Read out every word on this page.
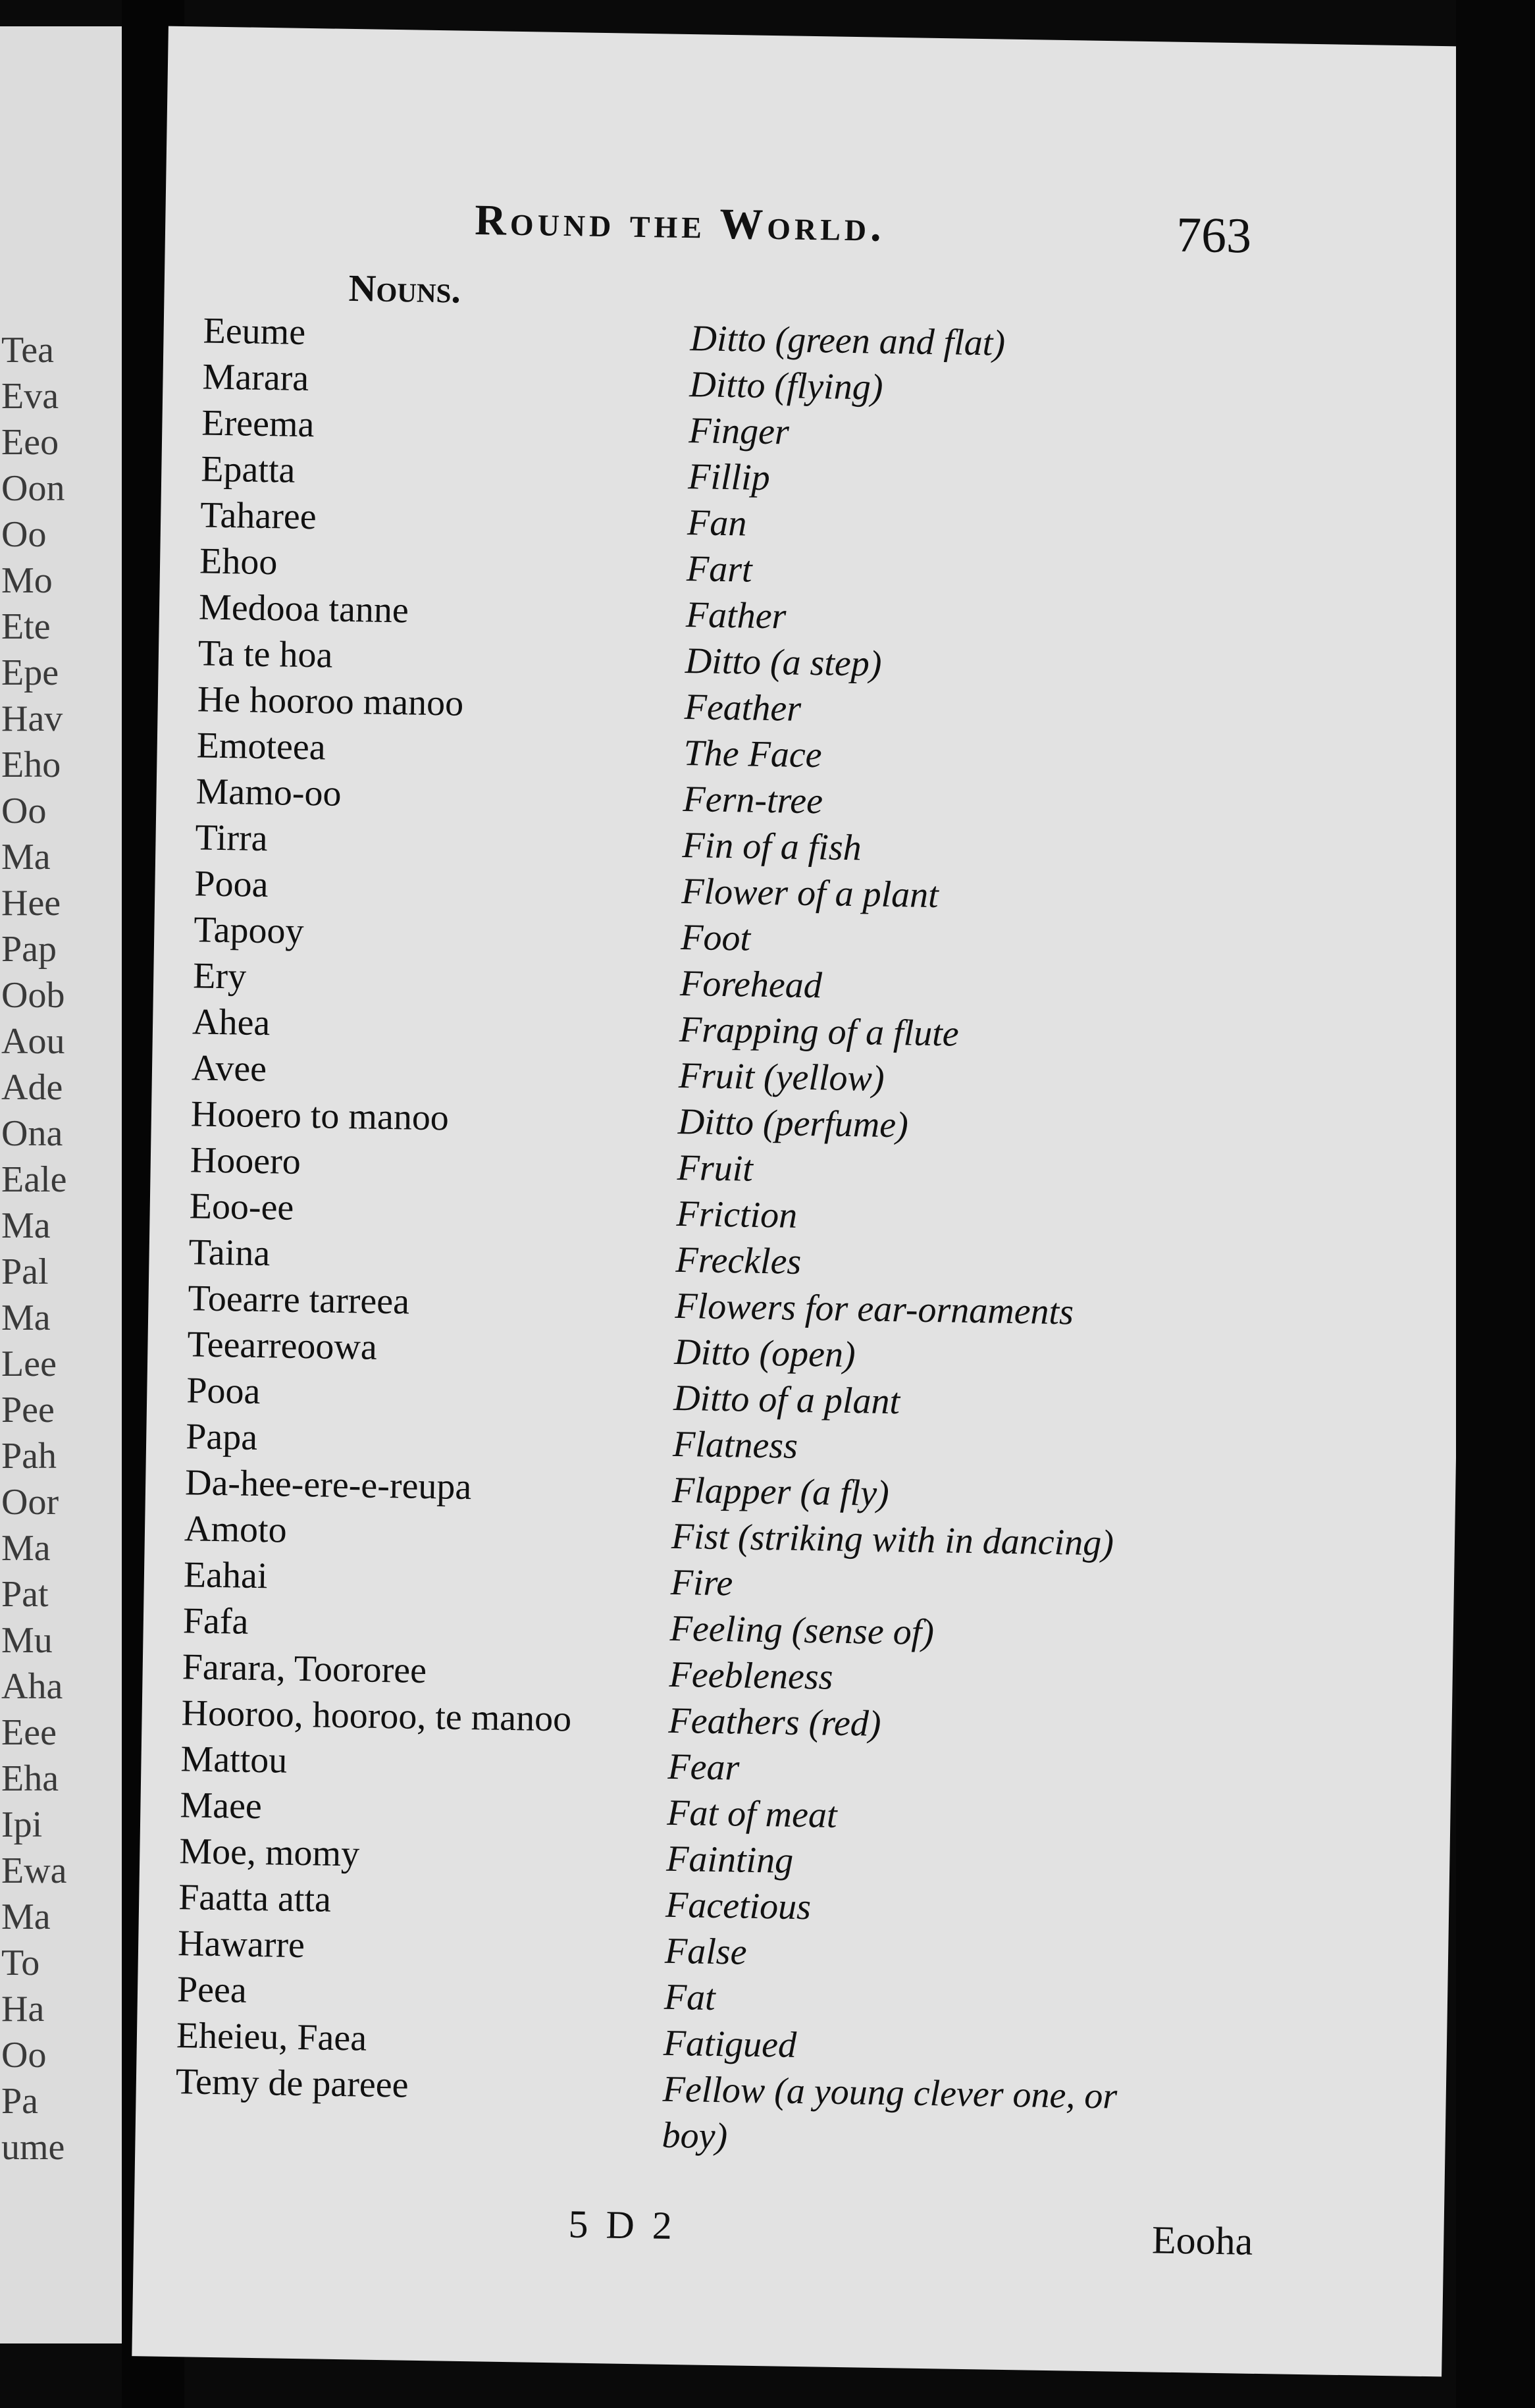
Tea
Eva
Eeo
Oon
Oo
Mo
Ete
Epe
Hav
Eho
Oo
Ma
Hee
Pap
Oob
Aou
Ade
Ona
Eale
Ma
Pal
Ma
Lee
Pee
Pah
Oor
Ma
Pat
Mu
Aha
Eee
Eha
Ipi
Ewa
Ma
To
Ha
Oo
Pa
ume
Round the World.	763
Nouns.
Eeume	Ditto (green and flat)
Marara	Ditto (flying)
Ereema	Finger
Epatta	Fillip
Taharee	Fan
Ehoo	Fart
Medooa tanne	Father
Ta te hoa	Ditto (a step)
He hooroo manoo	Feather
Emoteea	The Face
Mamo-oo	Fern-tree
Tirra	Fin of a fish
Pooa	Flower of a plant
Tapooy	Foot
Ery	Forehead
Ahea	Frapping of a flute
Avee	Fruit (yellow)
Hooero to manoo	Ditto (perfume)
Hooero	Fruit
Eoo-ee	Friction
Taina	Freckles
Toearre tarreea	Flowers for ear-ornaments
Teearreoowa	Ditto (open)
Pooa	Ditto of a plant
Papa	Flatness
Da-hee-ere-e-reupa	Flapper (a fly)
Amoto	Fist (striking with in dancing)
Eahai	Fire
Fafa	Feeling (sense of)
Farara, Toororee	Feebleness
Hooroo, hooroo, te manoo	Feathers (red)
Mattou	Fear
Maee	Fat of meat
Moe, momy	Fainting
Faatta atta	Facetious
Hawarre	False
Peea	Fat
Eheieu, Faea	Fatigued
Temy de pareee	Fellow (a young clever one, or
boy)
5 D 2	Eooha
